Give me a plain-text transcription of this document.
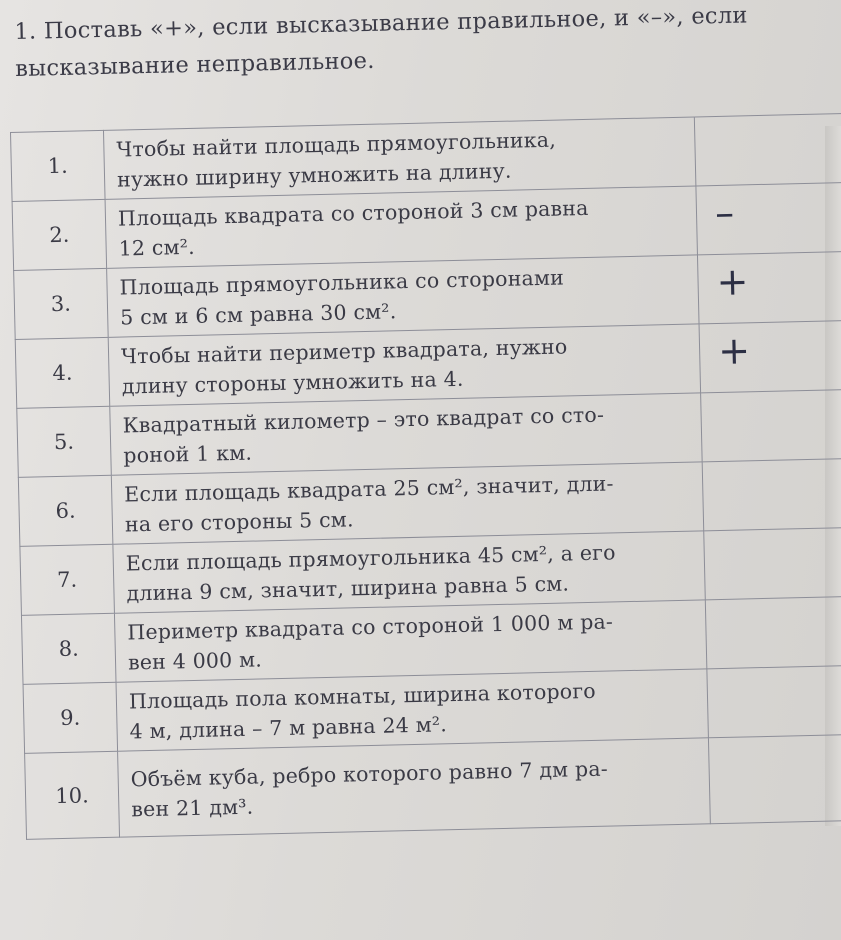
1. Поставь «+», если высказывание правильное, и «–», если
высказывание неправильное.
1.	Чтобы найти площадь прямоугольника,
нужно ширину умножить на длину.	

2.	Площадь квадрата со стороной 3 см равна
12 см².	–

3.	Площадь прямоугольника со сторонами
5 см и 6 см равна 30 см².	+

4.	Чтобы найти периметр квадрата, нужно
длину стороны умножить на 4.	+

5.	Квадратный километр – это квадрат со сто-
роной 1 км.	

6.	Если площадь квадрата 25 см², значит, дли-
на его стороны 5 см.	

7.	Если площадь прямоугольника 45 см², а его
длина 9 см, значит, ширина равна 5 см.	

8.	Периметр квадрата со стороной 1 000 м ра-
вен 4 000 м.	

9.	Площадь пола комнаты, ширина которого
4 м, длина – 7 м равна 24 м².	

10.	Объём куба, ребро которого равно 7 дм ра-
вен 21 дм³.	
